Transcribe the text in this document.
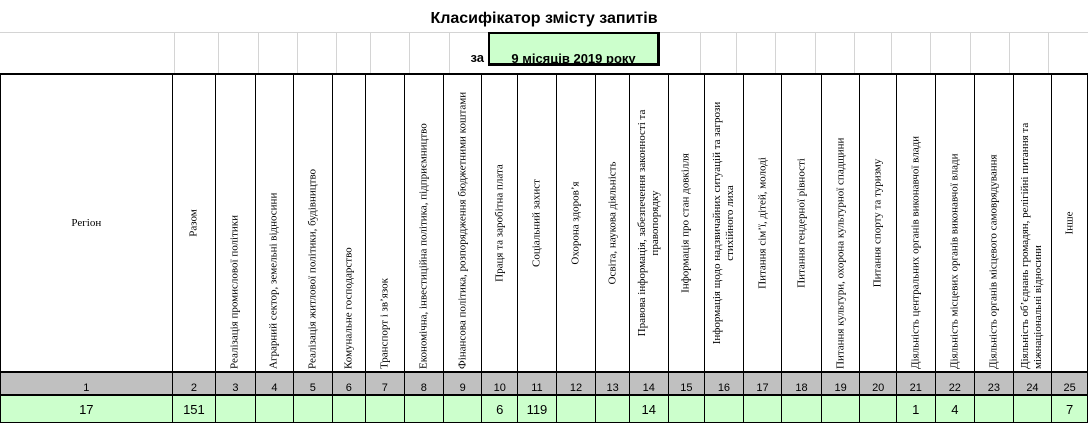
Класифікатор змісту запитів
за	9 місяців 2019 року
Регіон	Разом	Реалізація промислової політики	Аграрний сектор, земельні відносини	Реалізація житлової політики, будівництво	Комунальне господарство	Транспорт і зв’язок	Економічна, інвестиційна політика, підприємництво	Фінансова політика, розпорядження бюджетними коштами	Праця та заробітна плата	Соціальний захист	Охорона здоров’я	Освіта, наукова діяльність	Правова інформація, забезпечення законності та правопорядку	Інформація про стан довкілля	Інформація щодо надзвичайних ситуацій та загрози стихійного лиха	Питання сім’ї, дітей, молоді	Питання гендерної рівності	Питання культури, охорона культурної спадщини	Питання спорту та туризму	Діяльність центральних органів виконавчої влади	Діяльність місцевих органів виконавчої влади	Діяльність органів місцевого самоврядування	Діяльність об’єднань громадян, релігійні питання та міжнаціональні відносини	Інше

1	2	3	4	5	6	7	8	9	10	11	12	13	14	15	16	17	18	19	20	21	22	23	24	25
17	151								6	119			14							1	4			7
